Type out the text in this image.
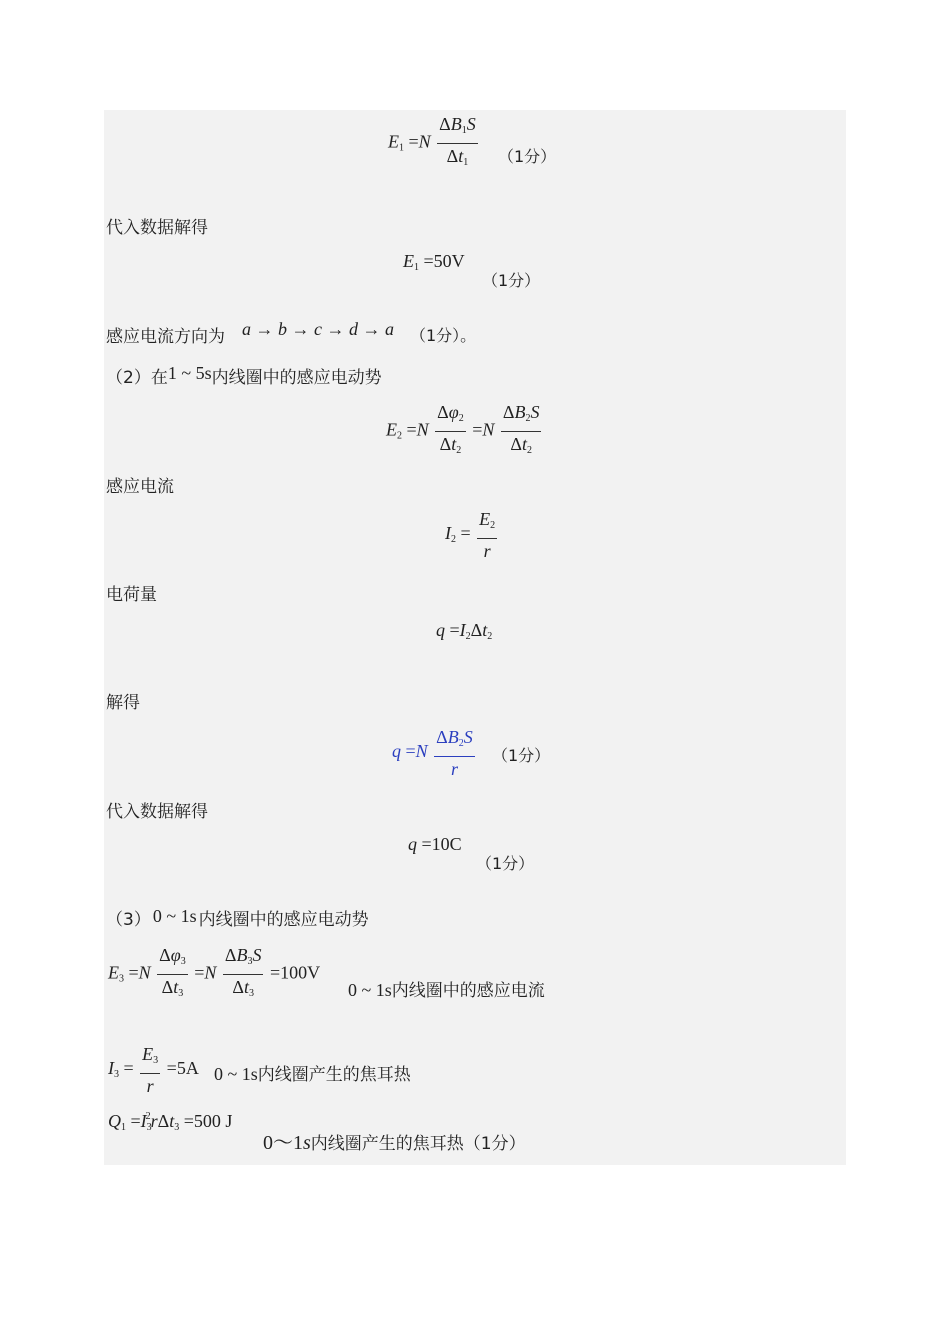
$E_1 =N \frac{\Delta B_1S}{\Delta t_1} (1$分）
代入数据解得
$E_1 =50V$
（1分）
感应电流方向为 a → b → c → d → a （1分）。
（2）在1 ~ 5s内线圈中的感应电动势
$E_2 =N \frac{\Delta\varphi_2}{\Delta t_2} =N \frac{\Delta B_2S}{\Delta t_2}$
感应电流
$I_2 = \frac{E_2}{r}$
电荷量
$q =I_2\Delta t_2$
解得
$q =N \frac{\Delta B_2S}{r} (1$分）
代入数据解得
q =10C
（1分）
（3） 0 ~ 1s 内线圈中的感应电动势
$E_3 =N \frac{\Delta\varphi_3}{\Delta t_3} =N \frac{\Delta B_3S}{\Delta t_3} =100V$
0 ~ 1s内线圈中的感应电流
$I_3 = \frac{E_3}{r} =5A$ 0 ~ 1s内线圈产生的焦耳热
$Q_1 =I_3^2r\Delta t_3 =500$ J
0～1s内线圈产生的焦耳热（1分）
